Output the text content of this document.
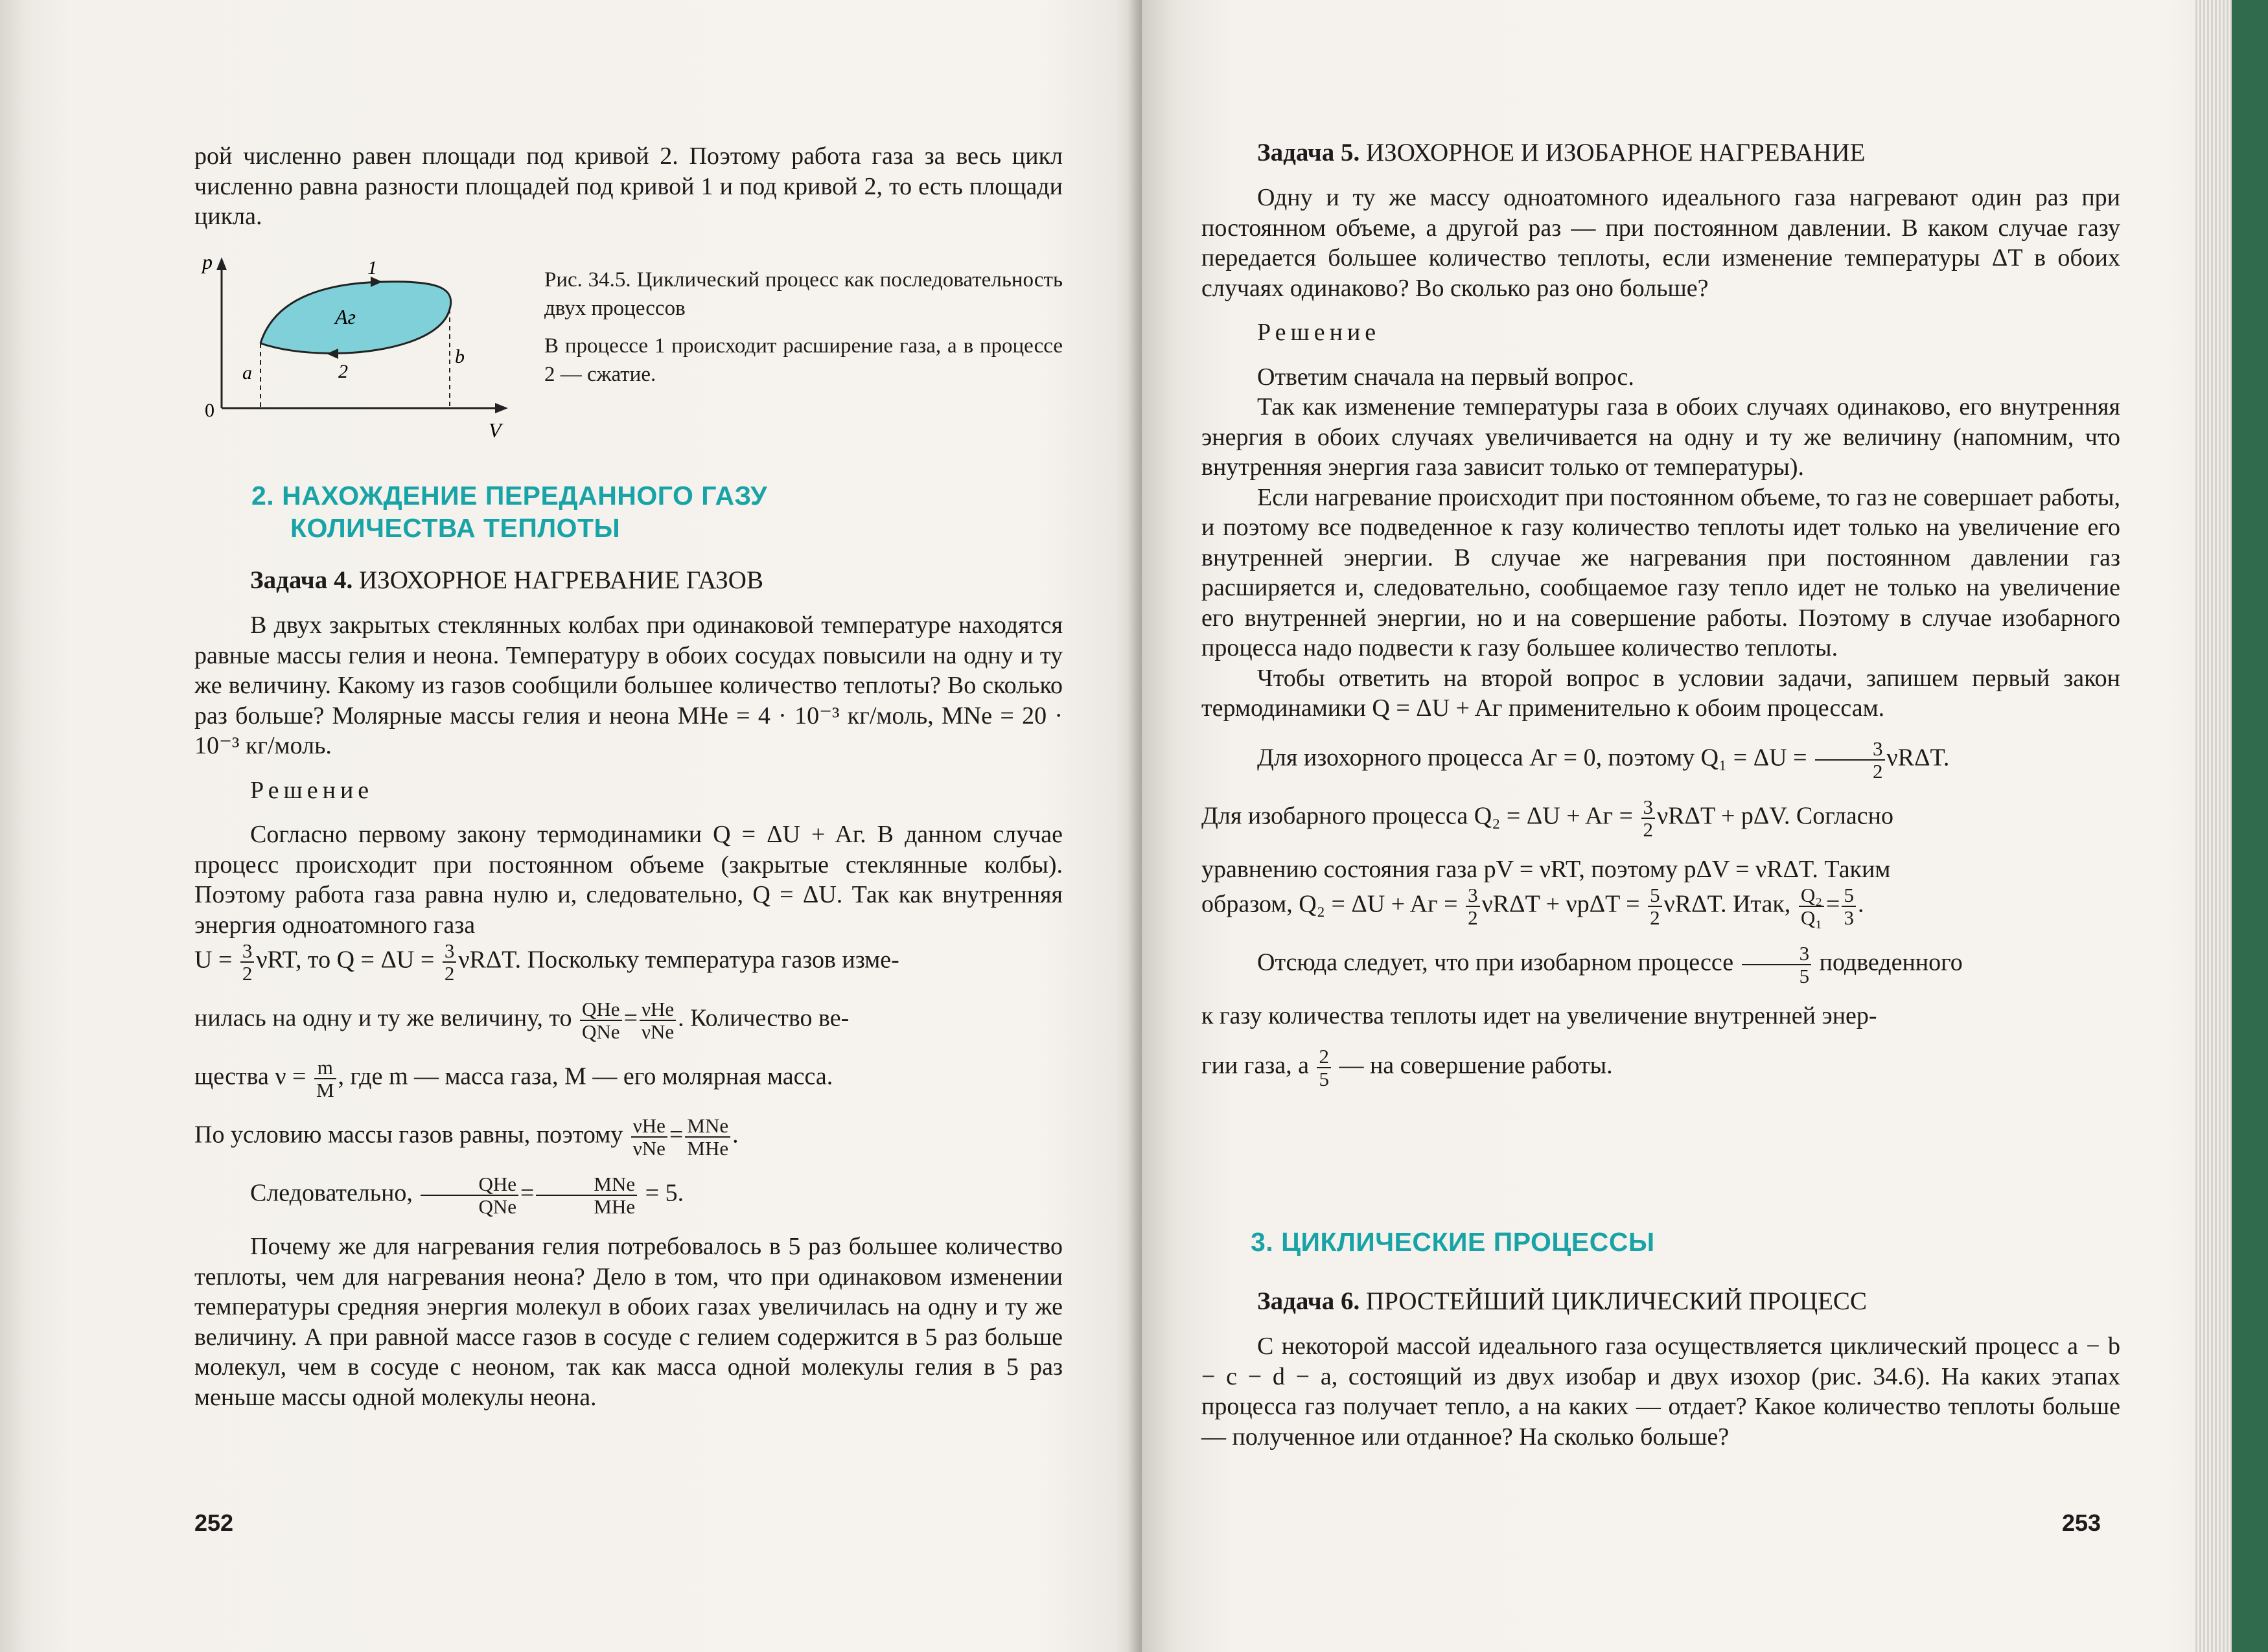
рой численно равен площади под кривой 2. Поэтому работа газа за весь цикл численно равна разности площадей под кривой 1 и под кривой 2, то есть площади цикла.

p
V
0
a
b
1
2
Aг

Рис. 34.5. Циклический процесс как последовательность двух процессов

В процессе 1 происходит расширение газа, а в процессе 2 — сжатие.

2. НАХОЖДЕНИЕ ПЕРЕДАННОГО ГАЗУ
КОЛИЧЕСТВА ТЕПЛОТЫ

Задача 4. ИЗОХОРНОЕ НАГРЕВАНИЕ ГАЗОВ

В двух закрытых стеклянных колбах при одинаковой температуре находятся равные массы гелия и неона. Температуру в обоих сосудах повысили на одну и ту же величину. Какому из газов сообщили большее количество теплоты? Во сколько раз больше? Молярные массы гелия и неона MHe = 4 · 10⁻³ кг/моль, MNe = 20 · 10⁻³ кг/моль.

Решение

Согласно первому закону термодинамики Q = ΔU + Aг. В данном случае процесс происходит при постоянном объеме (закрытые стеклянные колбы). Поэтому работа газа равна нулю и, следовательно, Q = ΔU. Так как внутренняя энергия одноатомного газа

$U = \frac{3}{2} \nu RT$, то $Q = \Delta U = \frac{3}{2} \nu R\Delta T$. Поскольку температура газов изме-

нилась на одну и ту же величину, то $\frac{\text{QHe}}{\text{QNe}} = \frac{\text{νHe}}{\text{νNe}}$ . Количество ве-

щества $\nu = \frac{m}{M}$ , где m — масса газа, M — его молярная масса.

По условию массы газов равны, поэтому $\frac{\text{νHe}}{\text{νNe}} = \frac{\text{MNe}}{\text{MHe}}$ .

Следовательно, $\frac{\text{QHe}}{\text{QNe}} = \frac{\text{MNe}}{\text{MHe}} = 5$.

Почему же для нагревания гелия потребовалось в 5 раз большее количество теплоты, чем для нагревания неона? Дело в том, что при одинаковом изменении температуры средняя энергия молекул в обоих газах увеличилась на одну и ту же величину. А при равной массе газов в сосуде с гелием содержится в 5 раз больше молекул, чем в сосуде с неоном, так как масса одной молекулы гелия в 5 раз меньше массы одной молекулы неона.

252

Задача 5. ИЗОХОРНОЕ И ИЗОБАРНОЕ НАГРЕВАНИЕ

Одну и ту же массу одноатомного идеального газа нагревают один раз при постоянном объеме, а другой раз — при постоянном давлении. В каком случае газу передается большее количество теплоты, если изменение температуры ΔT в обоих случаях одинаково? Во сколько раз оно больше?

Решение

Ответим сначала на первый вопрос.

Так как изменение температуры газа в обоих случаях одинаково, его внутренняя энергия в обоих случаях увеличивается на одну и ту же величину (напомним, что внутренняя энергия газа зависит только от температуры).

Если нагревание происходит при постоянном объеме, то газ не совершает работы, и поэтому все подведенное к газу количество теплоты идет только на увеличение его внутренней энергии. В случае же нагревания при постоянном давлении газ расширяется и, следовательно, сообщаемое газу тепло идет не только на увеличение его внутренней энергии, но и на совершение работы. Поэтому в случае изобарного процесса надо подвести к газу большее количество теплоты.

Чтобы ответить на второй вопрос в условии задачи, запишем первый закон термодинамики Q = ΔU + Aг применительно к обоим процессам.

Для изохорного процесса Aг = 0, поэтому $Q_1 = \Delta U = \frac{3}{2} \nu R\Delta T$.

Для изобарного процесса Q₂ = ΔU + Aг = $\frac{3}{2}$ νRΔT + pΔV. Согласно

уравнению состояния газа pV = νRT, поэтому pΔV = νRΔT. Таким

образом, Q₂ = ΔU + Aг = $\frac{3}{2}$ $\nu R\Delta T + \nu p\Delta T = \frac{5}{2} \nu R\Delta T$. Итак, $\frac{\text{Q₂}}{\text{Q₁}} = \frac{5}{3}$ .

Отсюда следует, что при изобарном процессе $\frac{3}{5}$ подведенного

к газу количества теплоты идет на увеличение внутренней энер-

гии газа, а $\frac{2}{5}$ — на совершение работы.

3. ЦИКЛИЧЕСКИЕ ПРОЦЕССЫ

Задача 6. ПРОСТЕЙШИЙ ЦИКЛИЧЕСКИЙ ПРОЦЕСС

С некоторой массой идеального газа осуществляется циклический процесс a − b − c − d − a, состоящий из двух изобар и двух изохор (рис. 34.6). На каких этапах процесса газ получает тепло, а на каких — отдает? Какое количество теплоты больше — полученное или отданное? На сколько больше?

253
